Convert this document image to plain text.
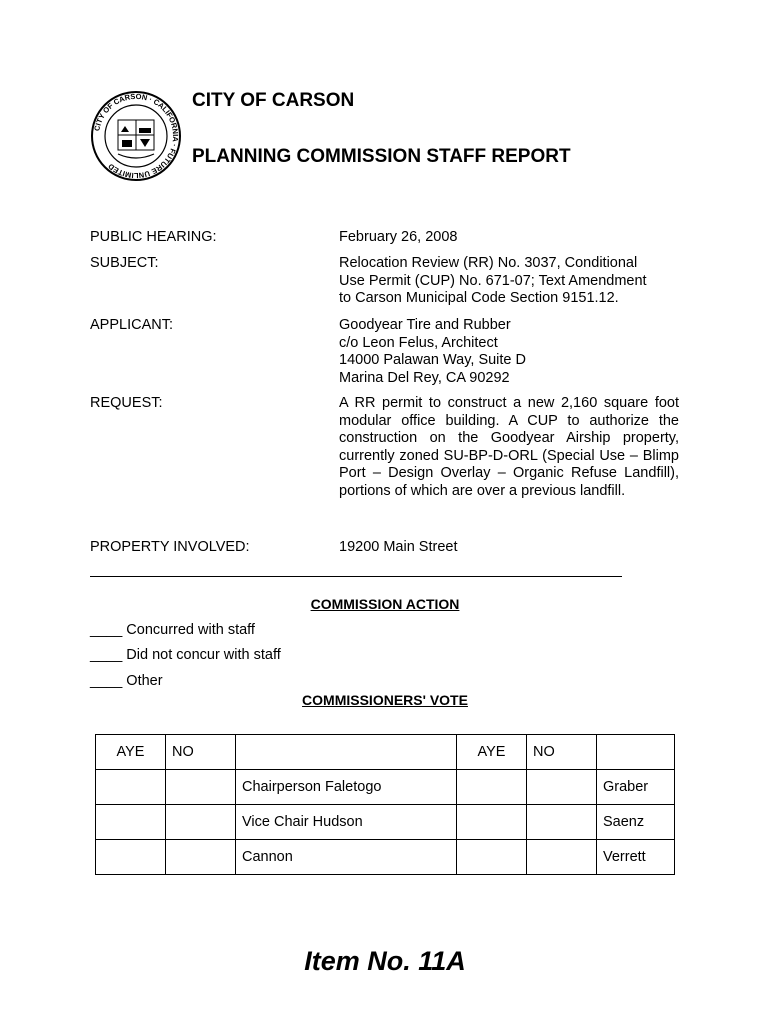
CITY OF CARSON · CALIFORNIA · FUTURE UNLIMITED
CITY OF CARSON
PLANNING COMMISSION STAFF REPORT
PUBLIC HEARING:	February 26, 2008
SUBJECT:	Relocation Review (RR) No. 3037, Conditional
Use Permit (CUP) No. 671-07; Text Amendment
to Carson Municipal Code Section 9151.12.
APPLICANT:	Goodyear Tire and Rubber
c/o Leon Felus, Architect
14000 Palawan Way, Suite D
Marina Del Rey, CA 90292
REQUEST:	A RR permit to construct a new 2,160 square foot modular office building. A CUP to authorize the construction on the Goodyear Airship property, currently zoned SU-BP-D-ORL (Special Use – Blimp Port – Design Overlay – Organic Refuse Landfill), portions of which are over a previous landfill.
PROPERTY INVOLVED:	19200 Main Street
COMMISSION ACTION
____ Concurred with staff
____ Did not concur with staff
____ Other
COMMISSIONERS' VOTE
AYE	NO		AYE	NO	
		Chairperson Faletogo			Graber
		Vice Chair Hudson			Saenz
		Cannon			Verrett
Item No. 11A
